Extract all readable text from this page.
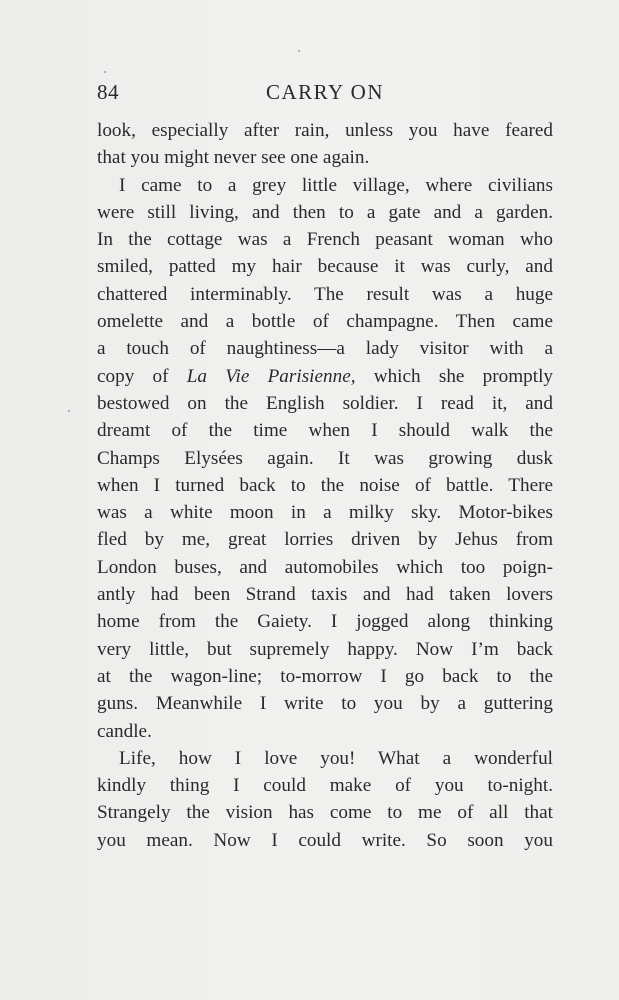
84	CARRY ON
look, especially after rain, unless you have feared
that you might never see one again.
I came to a grey little village, where civilians
were still living, and then to a gate and a garden.
In the cottage was a French peasant woman who
smiled, patted my hair because it was curly, and
chattered interminably. The result was a huge
omelette and a bottle of champagne. Then came
a touch of naughtiness—a lady visitor with a
copy of La Vie Parisienne, which she promptly
bestowed on the English soldier. I read it, and
dreamt of the time when I should walk the
Champs Elysées again. It was growing dusk
when I turned back to the noise of battle. There
was a white moon in a milky sky. Motor-bikes
fled by me, great lorries driven by Jehus from
London buses, and automobiles which too poign-
antly had been Strand taxis and had taken lovers
home from the Gaiety. I jogged along thinking
very little, but supremely happy. Now I’m back
at the wagon-line; to-morrow I go back to the
guns. Meanwhile I write to you by a guttering
candle.
Life, how I love you! What a wonderful
kindly thing I could make of you to-night.
Strangely the vision has come to me of all that
you mean. Now I could write. So soon you
